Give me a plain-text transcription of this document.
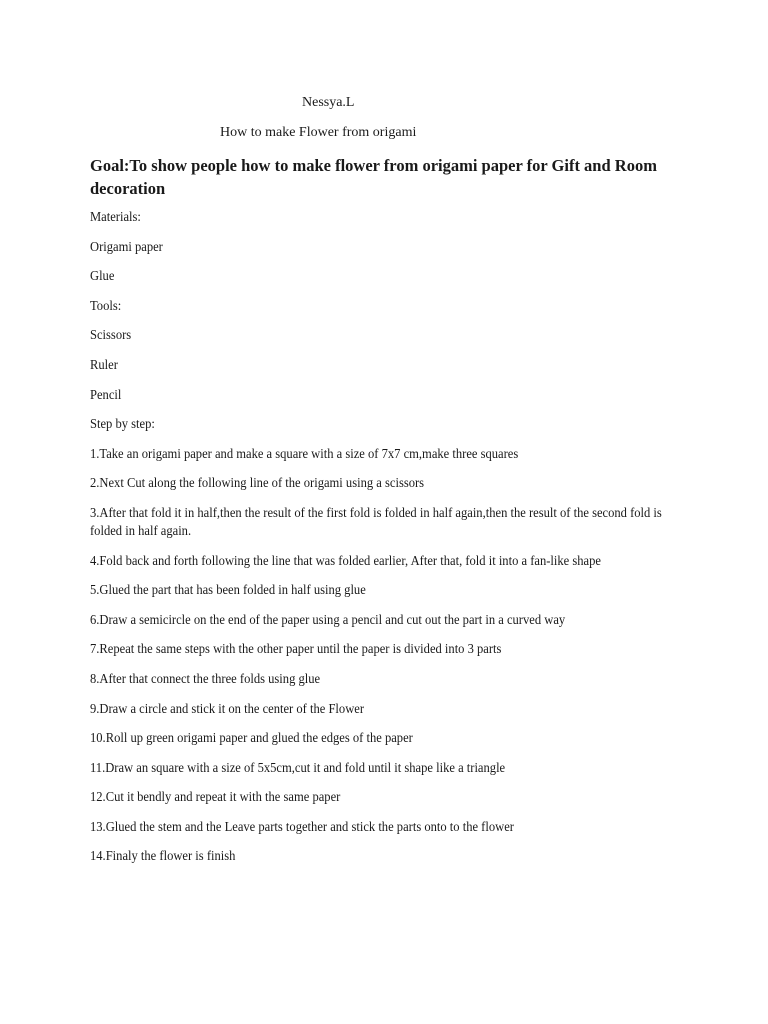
Nessya.L
How to make Flower from origami
Goal:To show people how to make flower from origami paper for Gift and Room decoration
Materials:
Origami paper
Glue
Tools:
Scissors
Ruler
Pencil
Step by step:
1.Take an origami paper and make a square with a size of 7x7 cm,make three squares
2.Next Cut along the following line of the origami using a scissors
3.After that fold it in half,then the result of the first fold is folded in half again,then the result of the second fold is folded in half again.
4.Fold back and forth following the line that was folded earlier, After that, fold it into a fan-like shape
5.Glued the part that has been folded in half using glue
6.Draw a semicircle on the end of the paper using a pencil and cut out the part in a curved way
7.Repeat the same steps with the other paper until the paper is divided into 3 parts
8.After that connect the three folds using glue
9.Draw a circle and stick it on the center of the Flower
10.Roll up green origami paper and glued the edges of the paper
11.Draw an square with a size of 5x5cm,cut it and fold until it shape like a triangle
12.Cut it bendly and repeat it with the same paper
13.Glued the stem and the Leave parts together and stick the parts onto to the flower
14.Finaly the flower is finish
